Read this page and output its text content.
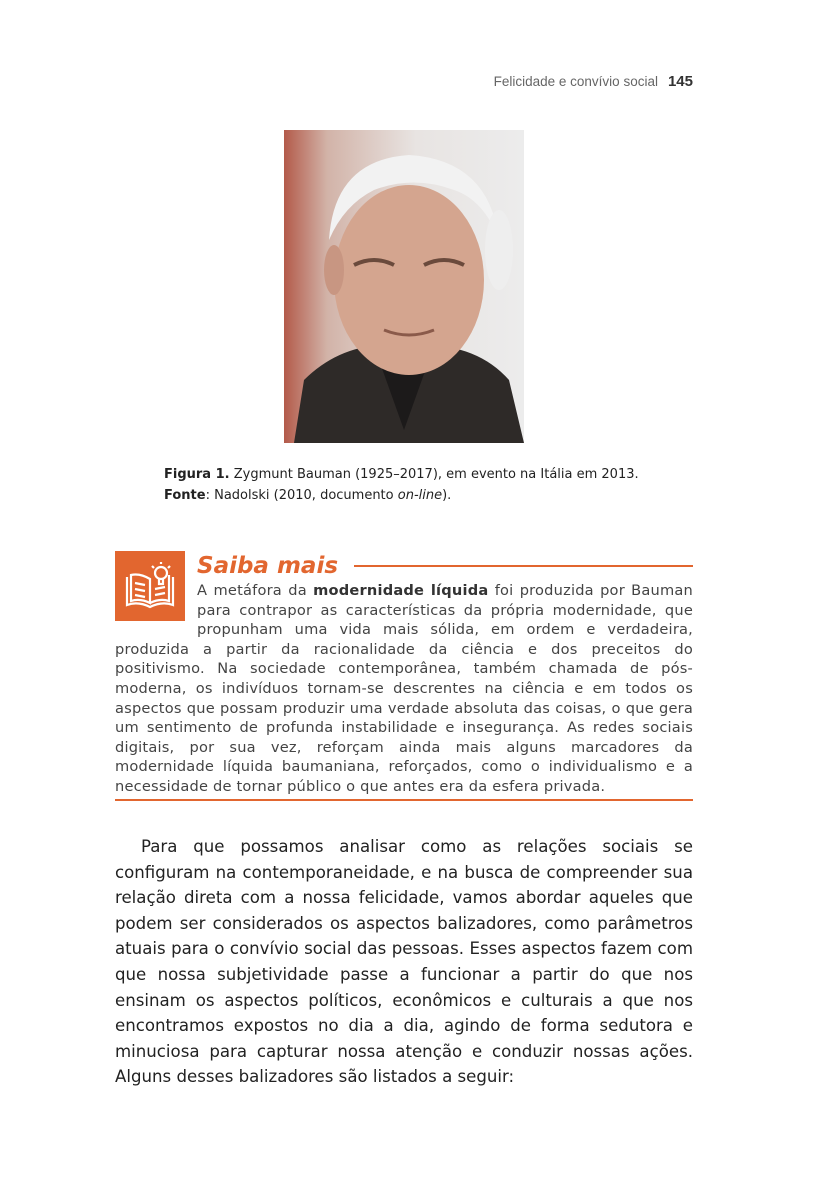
Felicidade e convívio social 145
Figura 1. Zygmunt Bauman (1925–2017), em evento na Itália em 2013.
Fonte: Nadolski (2010, documento on-line).
Saiba mais

A metáfora da modernidade líquida foi produzida por Bauman para contrapor as características da própria modernidade, que propunham uma vida mais sólida, em ordem e verdadeira, produzida a partir da racionalidade da ciência e dos preceitos do positivismo. Na sociedade contemporânea, também chamada de pós-moderna, os indivíduos tornam-se descrentes na ciência e em todos os aspectos que possam produzir uma verdade absoluta das coisas, o que gera um sentimento de profunda instabilidade e insegurança. As redes sociais digitais, por sua vez, reforçam ainda mais alguns marcadores da modernidade líquida baumaniana, reforçados, como o individualismo e a necessidade de tornar público o que antes era da esfera privada.

Para que possamos analisar como as relações sociais se configuram na contemporaneidade, e na busca de compreender sua relação direta com a nossa felicidade, vamos abordar aqueles que podem ser considerados os aspectos balizadores, como parâmetros atuais para o convívio social das pessoas. Esses aspectos fazem com que nossa subjetividade passe a funcionar a partir do que nos ensinam os aspectos políticos, econômicos e culturais a que nos encontramos expostos no dia a dia, agindo de forma sedutora e minuciosa para capturar nossa atenção e conduzir nossas ações. Alguns desses balizadores são listados a seguir:
